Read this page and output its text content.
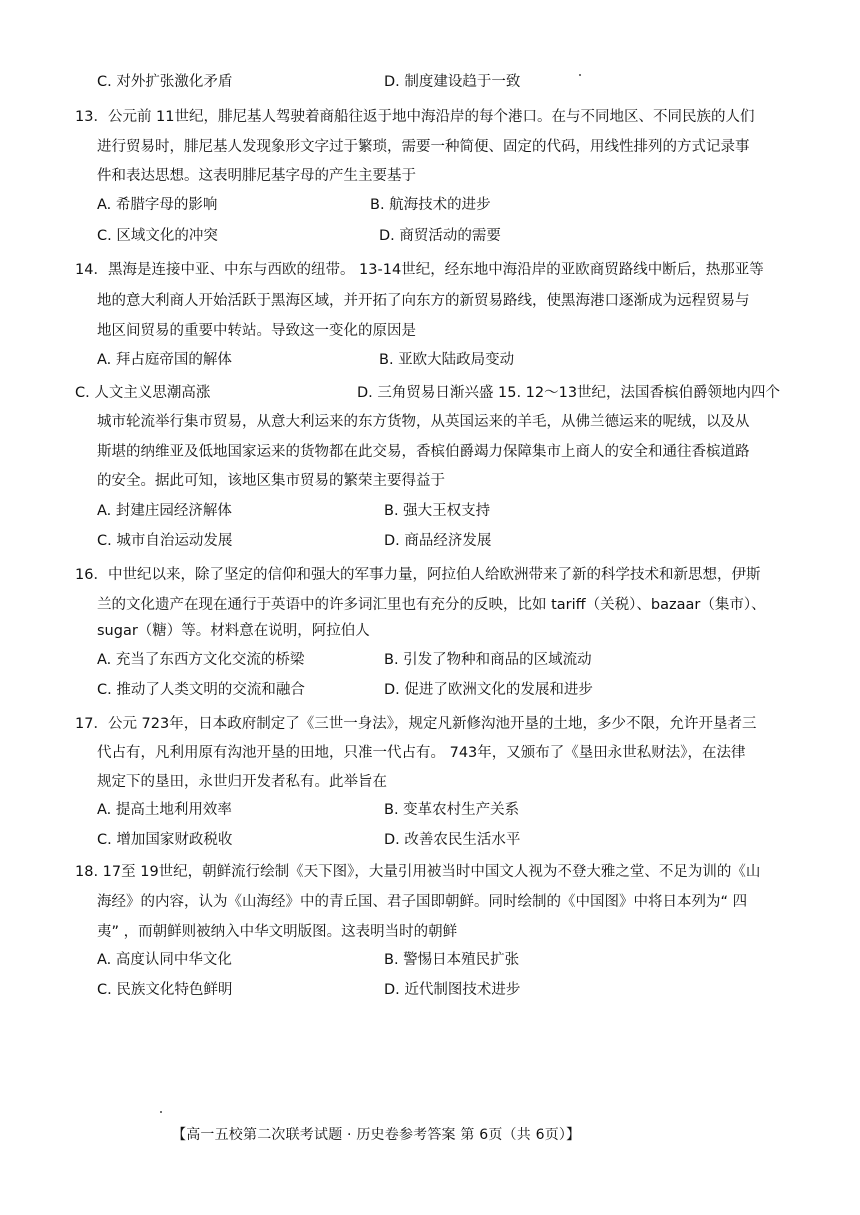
C. 对外扩张激化矛盾	D. 制度建设趋于一致
13．公元前 11世纪，腓尼基人驾驶着商船往返于地中海沿岸的每个港口。在与不同地区、不同民族的人们
进行贸易时，腓尼基人发现象形文字过于繁琐，需要一种简便、固定的代码，用线性排列的方式记录事
件和表达思想。这表明腓尼基字母的产生主要基于
A. 希腊字母的影响	B. 航海技术的进步
C. 区域文化的冲突	D. 商贸活动的需要
14．黑海是连接中亚、中东与西欧的纽带。 13-14世纪，经东地中海沿岸的亚欧商贸路线中断后，热那亚等
地的意大利商人开始活跃于黑海区域，并开拓了向东方的新贸易路线，使黑海港口逐渐成为远程贸易与
地区间贸易的重要中转站。导致这一变化的原因是
A. 拜占庭帝国的解体	B. 亚欧大陆政局变动
C. 人文主义思潮高涨	D. 三角贸易日渐兴盛 15. 12～13世纪，法国香槟伯爵领地内四个
城市轮流举行集市贸易，从意大利运来的东方货物，从英国运来的羊毛，从佛兰德运来的呢绒，以及从
斯堪的纳维亚及低地国家运来的货物都在此交易，香槟伯爵竭力保障集市上商人的安全和通往香槟道路
的安全。据此可知，该地区集市贸易的繁荣主要得益于
A. 封建庄园经济解体	B. 强大王权支持
C. 城市自治运动发展	D. 商品经济发展
16．中世纪以来，除了坚定的信仰和强大的军事力量，阿拉伯人给欧洲带来了新的科学技术和新思想，伊斯
兰的文化遗产在现在通行于英语中的许多词汇里也有充分的反映，比如 tariff（关税）、bazaar（集市）、
sugar（糖）等。材料意在说明，阿拉伯人
A. 充当了东西方文化交流的桥梁	B. 引发了物种和商品的区域流动
C. 推动了人类文明的交流和融合	D. 促进了欧洲文化的发展和进步
17．公元 723年，日本政府制定了《三世一身法》，规定凡新修沟池开垦的土地，多少不限，允许开垦者三
代占有，凡利用原有沟池开垦的田地，只准一代占有。 743年，又颁布了《垦田永世私财法》，在法律
规定下的垦田，永世归开发者私有。此举旨在
A. 提高土地利用效率	B. 变革农村生产关系
C. 增加国家财政税收	D. 改善农民生活水平
18. 17至 19世纪，朝鲜流行绘制《天下图》，大量引用被当时中国文人视为不登大雅之堂、不足为训的《山
海经》的内容，认为《山海经》中的青丘国、君子国即朝鲜。同时绘制的《中国图》中将日本列为“ 四
夷” ，而朝鲜则被纳入中华文明版图。这表明当时的朝鲜
A. 高度认同中华文化	B. 警惕日本殖民扩张
C. 民族文化特色鲜明	D. 近代制图技术进步
【高一五校第二次联考试题 · 历史卷参考答案 第 6页（共 6页）】
